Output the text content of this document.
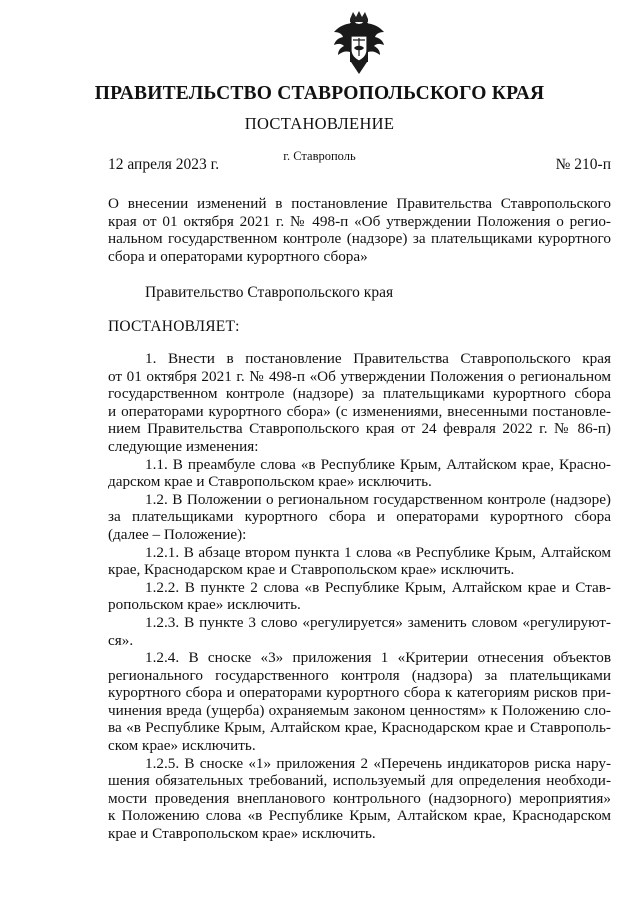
ПРАВИТЕЛЬСТВО СТАВРОПОЛЬСКОГО КРАЯ
ПОСТАНОВЛЕНИЕ
12 апреля 2023 г.	г. Ставрополь	№ 210-п
О внесении изменений в постановление Правительства Ставропольского
края от 01 октября 2021 г. № 498-п «Об утверждении Положения о регио-
нальном государственном контроле (надзоре) за плательщиками курортного
сбора и операторами курортного сбора»
Правительство Ставропольского края
ПОСТАНОВЛЯЕТ:
1. Внести в постановление Правительства Ставропольского края
от 01 октября 2021 г. № 498-п «Об утверждении Положения о региональном
государственном контроле (надзоре) за плательщиками курортного сбора
и операторами курортного сбора» (с изменениями, внесенными постановле-
нием Правительства Ставропольского края от 24 февраля 2022 г. № 86-п)
следующие изменения:
1.1. В преамбуле слова «в Республике Крым, Алтайском крае, Красно-
дарском крае и Ставропольском крае» исключить.
1.2. В Положении о региональном государственном контроле (надзоре)
за плательщиками курортного сбора и операторами курортного сбора
(далее – Положение):
1.2.1. В абзаце втором пункта 1 слова «в Республике Крым, Алтайском
крае, Краснодарском крае и Ставропольском крае» исключить.
1.2.2. В пункте 2 слова «в Республике Крым, Алтайском крае и Став-
ропольском крае» исключить.
1.2.3. В пункте 3 слово «регулируется» заменить словом «регулируют-
ся».
1.2.4. В сноске «3» приложения 1 «Критерии отнесения объектов
регионального государственного контроля (надзора) за плательщиками
курортного сбора и операторами курортного сбора к категориям рисков при-
чинения вреда (ущерба) охраняемым законом ценностям» к Положению сло-
ва «в Республике Крым, Алтайском крае, Краснодарском крае и Ставрополь-
ском крае» исключить.
1.2.5. В сноске «1» приложения 2 «Перечень индикаторов риска нару-
шения обязательных требований, используемый для определения необходи-
мости проведения внепланового контрольного (надзорного) мероприятия»
к Положению слова «в Республике Крым, Алтайском крае, Краснодарском
крае и Ставропольском крае» исключить.
